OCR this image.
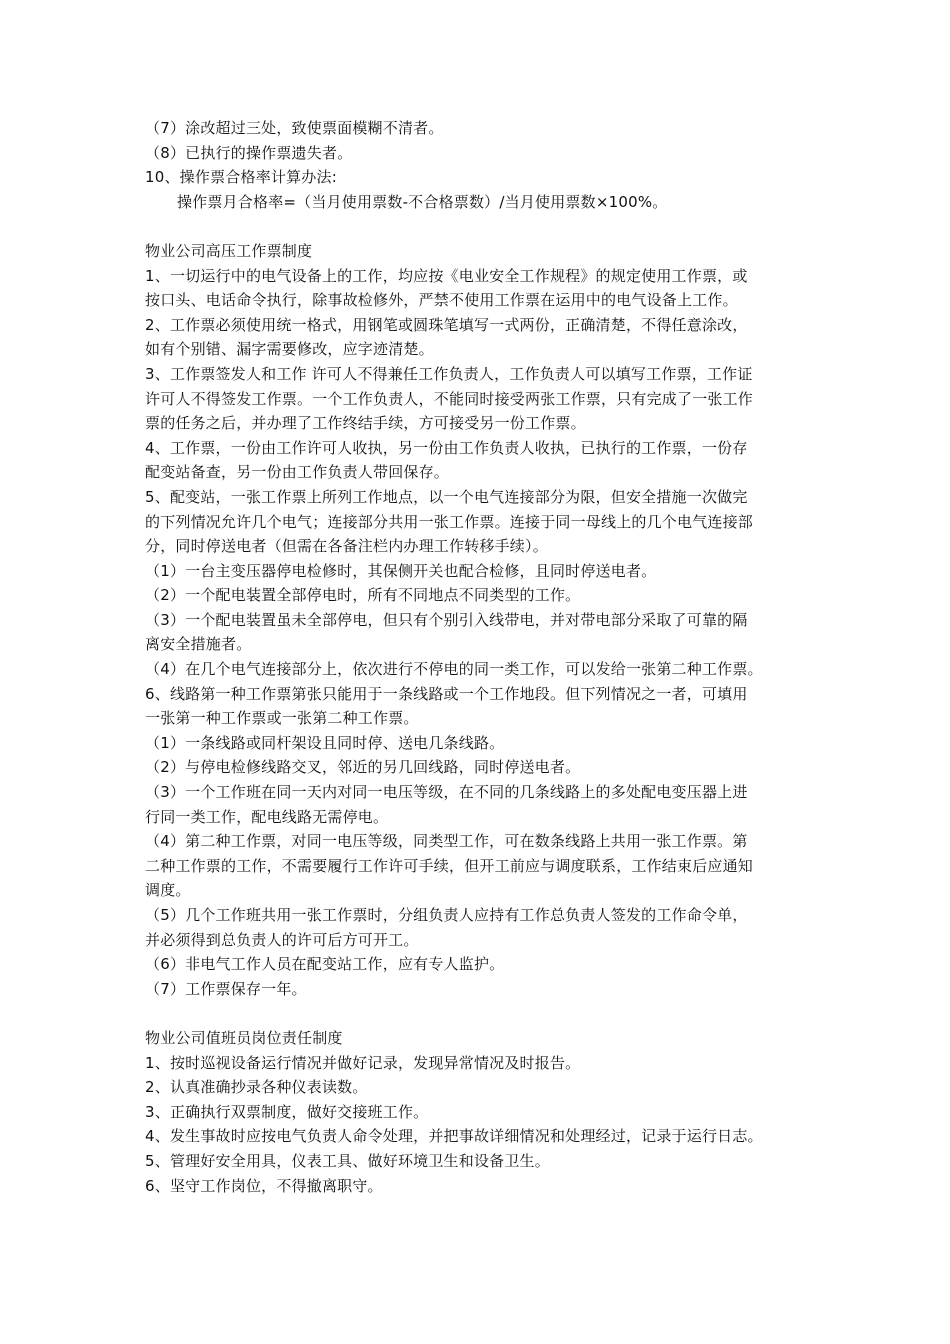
（7）涂改超过三处，致使票面模糊不清者。
（8）已执行的操作票遗失者。
10、操作票合格率计算办法:
操作票月合格率=（当月使用票数-不合格票数）/当月使用票数×100%。
物业公司高压工作票制度
1、一切运行中的电气设备上的工作，均应按《电业安全工作规程》的规定使用工作票，或
按口头、电话命令执行，除事故检修外，严禁不使用工作票在运用中的电气设备上工作。
2、工作票必须使用统一格式，用钢笔或圆珠笔填写一式两份，正确清楚，不得任意涂改，
如有个别错、漏字需要修改，应字迹清楚。
3、工作票签发人和工作 许可人不得兼任工作负责人，工作负责人可以填写工作票，工作证
许可人不得签发工作票。一个工作负责人，不能同时接受两张工作票，只有完成了一张工作
票的任务之后，并办理了工作终结手续，方可接受另一份工作票。
4、工作票，一份由工作许可人收执，另一份由工作负责人收执，已执行的工作票，一份存
配变站备查，另一份由工作负责人带回保存。
5、配变站，一张工作票上所列工作地点，以一个电气连接部分为限，但安全措施一次做完
的下列情况允许几个电气；连接部分共用一张工作票。连接于同一母线上的几个电气连接部
分，同时停送电者（但需在各备注栏内办理工作转移手续）。
（1）一台主变压器停电检修时，其保侧开关也配合检修，且同时停送电者。
（2）一个配电装置全部停电时，所有不同地点不同类型的工作。
（3）一个配电装置虽未全部停电，但只有个别引入线带电，并对带电部分采取了可靠的隔
离安全措施者。
（4）在几个电气连接部分上，依次进行不停电的同一类工作，可以发给一张第二种工作票。
6、线路第一种工作票第张只能用于一条线路或一个工作地段。但下列情况之一者，可填用
一张第一种工作票或一张第二种工作票。
（1）一条线路或同杆架设且同时停、送电几条线路。
（2）与停电检修线路交叉，邻近的另几回线路，同时停送电者。
（3）一个工作班在同一天内对同一电压等级，在不同的几条线路上的多处配电变压器上进
行同一类工作，配电线路无需停电。
（4）第二种工作票，对同一电压等级，同类型工作，可在数条线路上共用一张工作票。第
二种工作票的工作，不需要履行工作许可手续，但开工前应与调度联系，工作结束后应通知
调度。
（5）几个工作班共用一张工作票时，分组负责人应持有工作总负责人签发的工作命令单，
并必须得到总负责人的许可后方可开工。
（6）非电气工作人员在配变站工作，应有专人监护。
（7）工作票保存一年。
物业公司值班员岗位责任制度
1、按时巡视设备运行情况并做好记录，发现异常情况及时报告。
2、认真准确抄录各种仪表读数。
3、正确执行双票制度，做好交接班工作。
4、发生事故时应按电气负责人命令处理，并把事故详细情况和处理经过，记录于运行日志。
5、管理好安全用具，仪表工具、做好环境卫生和设备卫生。
6、坚守工作岗位，不得撤离职守。
